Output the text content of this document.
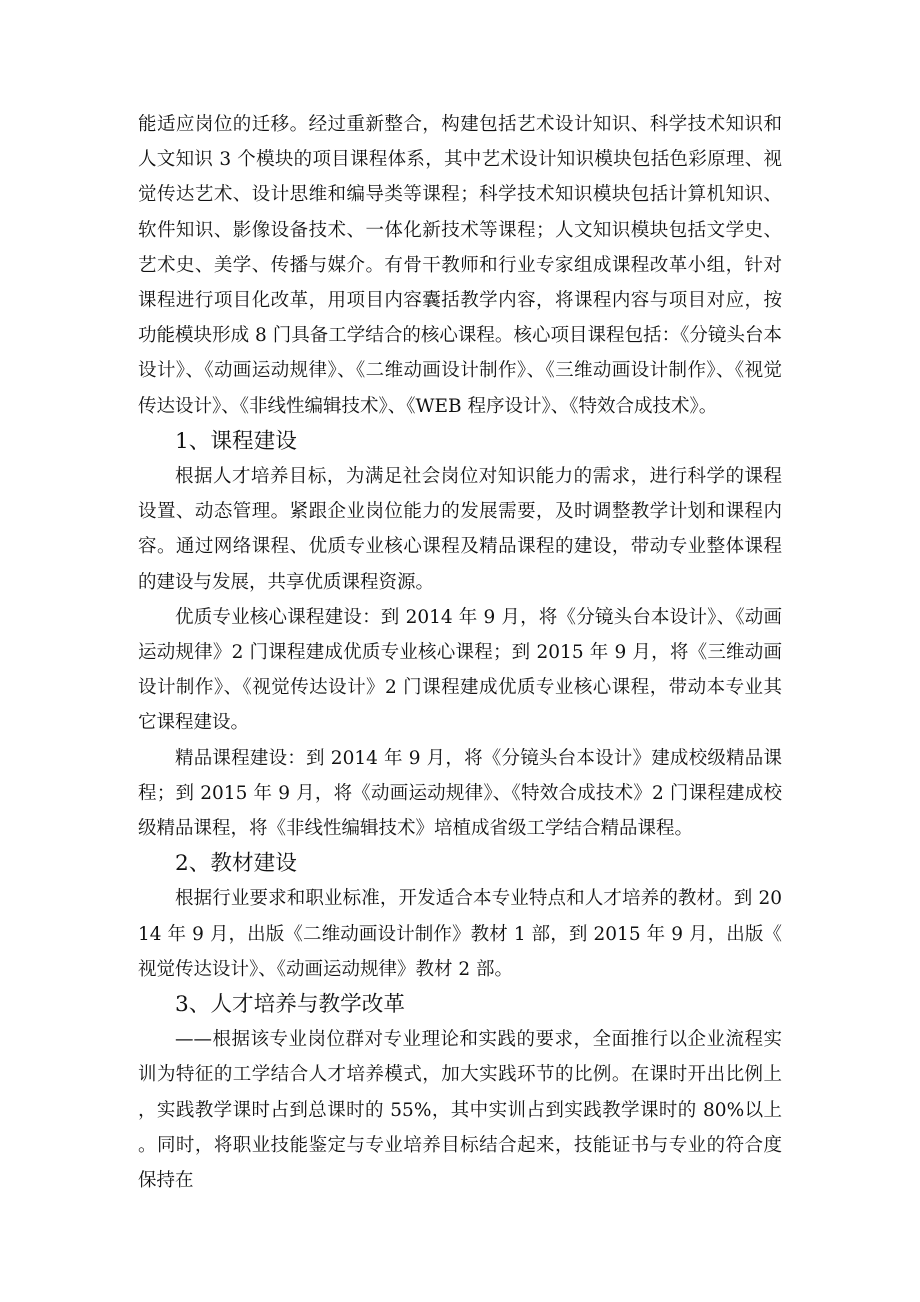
能适应岗位的迁移。经过重新整合，构建包括艺术设计知识、科学技术知识和人文知识 3 个模块的项目课程体系，其中艺术设计知识模块包括色彩原理、视觉传达艺术、设计思维和编导类等课程；科学技术知识模块包括计算机知识、软件知识、影像设备技术、一体化新技术等课程；人文知识模块包括文学史、艺术史、美学、传播与媒介。有骨干教师和行业专家组成课程改革小组，针对课程进行项目化改革，用项目内容囊括教学内容，将课程内容与项目对应，按功能模块形成 8 门具备工学结合的核心课程。核心项目课程包括：《分镜头台本设计》、《动画运动规律》、《二维动画设计制作》、《三维动画设计制作》、《视觉传达设计》、《非线性编辑技术》、《WEB 程序设计》、《特效合成技术》。

1、课程建设

根据人才培养目标，为满足社会岗位对知识能力的需求，进行科学的课程设置、动态管理。紧跟企业岗位能力的发展需要，及时调整教学计划和课程内容。通过网络课程、优质专业核心课程及精品课程的建设，带动专业整体课程的建设与发展，共享优质课程资源。

优质专业核心课程建设：到 2014 年 9 月，将《分镜头台本设计》、《动画运动规律》2 门课程建成优质专业核心课程；到 2015 年 9 月，将《三维动画设计制作》、《视觉传达设计》2 门课程建成优质专业核心课程，带动本专业其它课程建设。

精品课程建设：到 2014 年 9 月，将《分镜头台本设计》建成校级精品课程；到 2015 年 9 月，将《动画运动规律》、《特效合成技术》2 门课程建成校级精品课程，将《非线性编辑技术》培植成省级工学结合精品课程。

2、教材建设

根据行业要求和职业标准，开发适合本专业特点和人才培养的教材。到 2014 年 9 月，出版《二维动画设计制作》教材 1 部，到 2015 年 9 月，出版《视觉传达设计》、《动画运动规律》教材 2 部。

3、人才培养与教学改革

——根据该专业岗位群对专业理论和实践的要求，全面推行以企业流程实训为特征的工学结合人才培养模式，加大实践环节的比例。在课时开出比例上，实践教学课时占到总课时的 55%，其中实训占到实践教学课时的 80%以上。同时，将职业技能鉴定与专业培养目标结合起来，技能证书与专业的符合度保持在
